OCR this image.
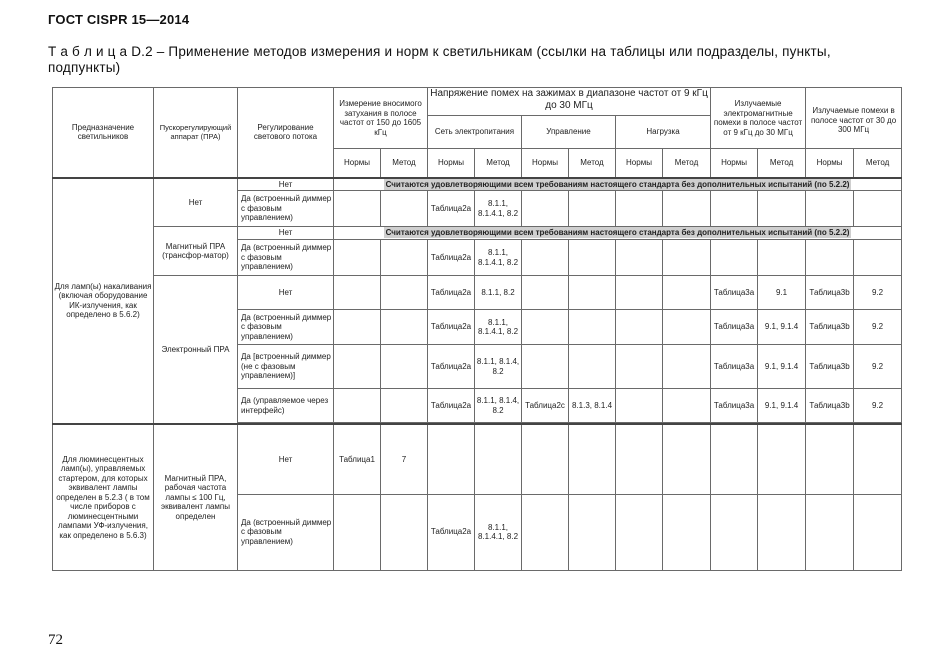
ГОСТ CISPR 15—2014
Т а б л и ц а D.2 – Применение методов измерения и норм к светильникам (ссылки на таблицы или подразделы, пункты, подпункты)
Предназначение светильников	Пускорегулирующий аппарат (ПРА)	Регулирование светового потока	Измерение вносимого затухания в полосе частот от 150 до 1605 кГц		Напряжение помех на зажимах в диапазоне частот от 9 кГц до 30 МГц						Излучаемые электромагнитные помехи в полосе частот от 9 кГц до 30 МГц		Излучаемые помехи в полосе частот от 30 до 300 МГц	
					Сеть электропитания		Управление		Нагрузка					
			Нормы	Метод	Нормы	Метод	Нормы	Метод	Нормы	Метод	Нормы	Метод	Нормы	Метод
Для ламп(ы) накаливания (включая оборудование ИК-излучения, как определено в 5.6.2)	Нет	Нет	Считаются удовлетворяющими всем требованиям настоящего стандарта без дополнительных испытаний (по 5.2.2)											
		Да (встроенный диммер с фазовым управлением)			Таблица2а	8.1.1, 8.1.4.1, 8.2								
	Магнитный ПРА (трансфор-матор)	Нет	Считаются удовлетворяющими всем требованиям настоящего стандарта без дополнительных испытаний (по 5.2.2)											
		Да (встроенный диммер с фазовым управлением)			Таблица2а	8.1.1, 8.1.4.1, 8.2								
	Электронный ПРА	Нет			Таблица2а	8.1.1, 8.2					Таблица3а	9.1	Таблица3b	9.2
		Да (встроенный диммер с фазовым управлением)			Таблица2а	8.1.1, 8.1.4.1, 8.2					Таблица3а	9.1, 9.1.4	Таблица3b	9.2
		Да [встроенный диммер (не с фазовым управлением)]			Таблица2а	8.1.1, 8.1.4, 8.2					Таблица3а	9.1, 9.1.4	Таблица3b	9.2
		Да (управляемое через интерфейс)			Таблица2а	8.1.1, 8.1.4, 8.2	Таблица2с	8.1.3, 8.1.4			Таблица3а	9.1, 9.1.4	Таблица3b	9.2

Для люминесцентных ламп(ы), управляемых стартером, для которых эквивалент лампы определен в 5.2.3 ( в том числе приборов с люминесцентными лампами УФ-излучения, как определено в 5.6.3)	Магнитный ПРА, рабочая частота лампы ≤ 100 Гц, эквивалент лампы определен	Нет	Таблица1	7										
		Да (встроенный диммер с фазовым управлением)			Таблица2а	8.1.1, 8.1.4.1, 8.2								
72
